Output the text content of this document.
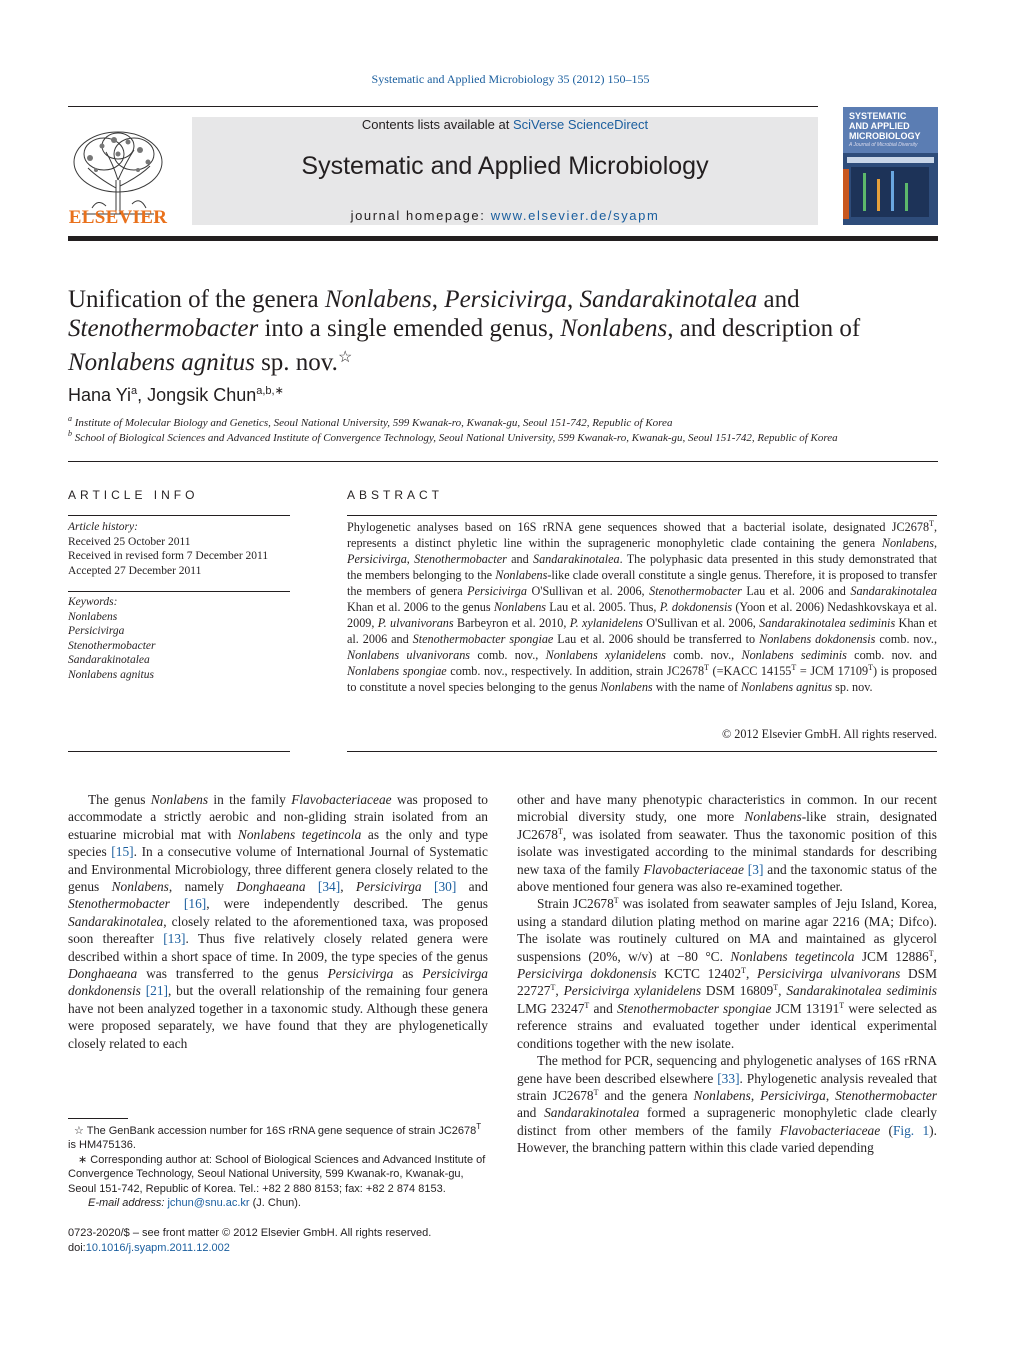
Systematic and Applied Microbiology 35 (2012) 150–155
ELSEVIER
Contents lists available at SciVerse ScienceDirect
Systematic and Applied Microbiology
journal homepage: www.elsevier.de/syapm
SYSTEMATIC
AND APPLIED
MICROBIOLOGY
A Journal of Microbial Diversity
Unification of the genera Nonlabens, Persicivirga, Sandarakinotalea and Stenothermobacter into a single emended genus, Nonlabens, and description of Nonlabens agnitus sp. nov.☆
Hana Yi$^a$, Jongsik Chun$^{a,b,∗}$
$^a$ Institute of Molecular Biology and Genetics, Seoul National University, 599 Kwanak-ro, Kwanak-gu, Seoul 151-742, Republic of Korea
$^b$ School of Biological Sciences and Advanced Institute of Convergence Technology, Seoul National University, 599 Kwanak-ro, Kwanak-gu, Seoul 151-742, Republic of Korea
ARTICLE INFO
Article history:
Received 25 October 2011
Received in revised form 7 December 2011
Accepted 27 December 2011
Keywords:
Nonlabens
Persicivirga
Stenothermobacter
Sandarakinotalea
Nonlabens agnitus
ABSTRACT
Phylogenetic analyses based on 16S rRNA gene sequences showed that a bacterial isolate, designated $JC2678^T$, represents a distinct phyletic line within the suprageneric monophyletic clade containing the genera Nonlabens, Persicivirga, Stenothermobacter and Sandarakinotalea. The polyphasic data presented in this study demonstrated that the members belonging to the Nonlabens-like clade overall constitute a single genus. Therefore, it is proposed to transfer the members of genera Persicivirga O'Sullivan et al. 2006, Stenothermobacter Lau et al. 2006 and Sandarakinotalea Khan et al. 2006 to the genus Nonlabens Lau et al. 2005. Thus, P. dokdonensis (Yoon et al. 2006) Nedashkovskaya et al. 2009, P. ulvanivorans Barbeyron et al. 2010, P. xylanidelens O'Sullivan et al. 2006, Sandarakinotalea sediminis Khan et al. 2006 and Stenothermobacter spongiae Lau et al. 2006 should be transferred to Nonlabens dokdonensis comb. nov., Nonlabens ulvanivorans comb. nov., Nonlabens xylanidelens comb. nov., Nonlabens sediminis comb. nov. and Nonlabens spongiae comb. nov., respectively. In addition, strain $JC2678^T$ (=KACC $14155^T$ = JCM $17109^T$) is proposed to constitute a novel species belonging to the genus Nonlabens with the name of Nonlabens agnitus sp. nov.
© 2012 Elsevier GmbH. All rights reserved.

The genus Nonlabens in the family Flavobacteriaceae was proposed to accommodate a strictly aerobic and non-gliding strain isolated from an estuarine microbial mat with Nonlabens tegetincola as the only and type species [15]. In a consecutive volume of International Journal of Systematic and Environmental Microbiology, three different genera closely related to the genus Nonlabens, namely Donghaeana [34], Persicivirga [30] and Stenothermobacter [16], were independently described. The genus Sandarakinotalea, closely related to the aforementioned taxa, was proposed soon thereafter [13]. Thus five relatively closely related genera were described within a short space of time. In 2009, the type species of the genus Donghaeana was transferred to the genus Persicivirga as Persicivirga donkdonensis [21], but the overall relationship of the remaining four genera have not been analyzed together in a taxonomic study. Although these genera were proposed separately, we have found that they are phylogenetically closely related to each

other and have many phenotypic characteristics in common. In our recent microbial diversity study, one more Nonlabens-like strain, designated $JC2678^T$, was isolated from seawater. Thus the taxonomic position of this isolate was investigated according to the minimal standards for describing new taxa of the family Flavobacteriaceae [3] and the taxonomic status of the above mentioned four genera was also re-examined together.

Strain $JC2678^T$ was isolated from seawater samples of Jeju Island, Korea, using a standard dilution plating method on marine agar 2216 (MA; Difco). The isolate was routinely cultured on MA and maintained as glycerol suspensions (20%, w/v) at −80 °C. Nonlabens tegetincola JCM $12886^T$, Persicivirga dokdonensis KCTC $12402^T$, Persicivirga ulvanivorans DSM $22727^T$, Persicivirga xylanidelens DSM $16809^T$, Sandarakinotalea sediminis LMG $23247^T$ and Stenothermobacter spongiae JCM $13191^T$ were selected as reference strains and evaluated together under identical experimental conditions together with the new isolate.

The method for PCR, sequencing and phylogenetic analyses of 16S rRNA gene have been described elsewhere [33]. Phylogenetic analysis revealed that strain $JC2678^T$ and the genera Nonlabens, Persicivirga, Stenothermobacter and Sandarakinotalea formed a suprageneric monophyletic clade clearly distinct from other members of the family Flavobacteriaceae (Fig. 1). However, the branching pattern within this clade varied depending

☆ The GenBank accession number for 16S rRNA gene sequence of strain $JC2678^T$ is HM475136.

∗ Corresponding author at: School of Biological Sciences and Advanced Institute of Convergence Technology, Seoul National University, 599 Kwanak-ro, Kwanak-gu, Seoul 151-742, Republic of Korea. Tel.: +82 2 880 8153; fax: +82 2 874 8153.

E-mail address: jchun@snu.ac.kr (J. Chun).

0723-2020/$ – see front matter © 2012 Elsevier GmbH. All rights reserved.
doi:10.1016/j.syapm.2011.12.002
